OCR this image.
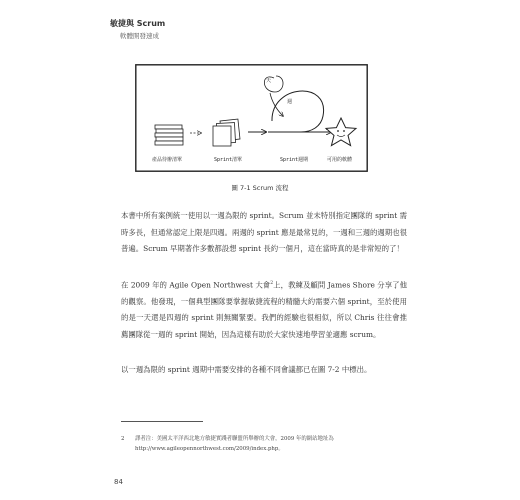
敏捷與 Scrum
軟體開發速成
天
週
產品待辦清單	Sprint清單	Sprint週期	可用的軟體
圖 7-1 Scrum 流程

本書中所有案例統一使用以一週為限的 sprint。Scrum 並未特別指定團隊的 sprint 需時多長，但通常認定上限是四週。兩週的 sprint 應是最常見的，一週和三週的週期也很普遍。Scrum 早期著作多數都設想 sprint 長約一個月，這在當時真的是非常短的了！

在 2009 年的 Agile Open Northwest 大會$^2$上，教練及顧問 James Shore 分享了他的觀察。他發現，一個典型團隊要掌握敏捷流程的精髓大約需要六個 sprint，至於使用的是一天還是四週的 sprint 則無關緊要。我們的經驗也很相似，所以 Chris 往往會推薦團隊從一週的 sprint 開始，因為這樣有助於大家快速地學習並適應 scrum。

以一週為限的 sprint 週期中需要安排的各種不同會議都已在圖 7-2 中標出。

2 譯者注：美國太平洋西北地方敏捷實踐者聯盟所舉辦的大會，2009 年的網站地址為 http://www.agileopennorthwest.com/2009/index.php。
84
